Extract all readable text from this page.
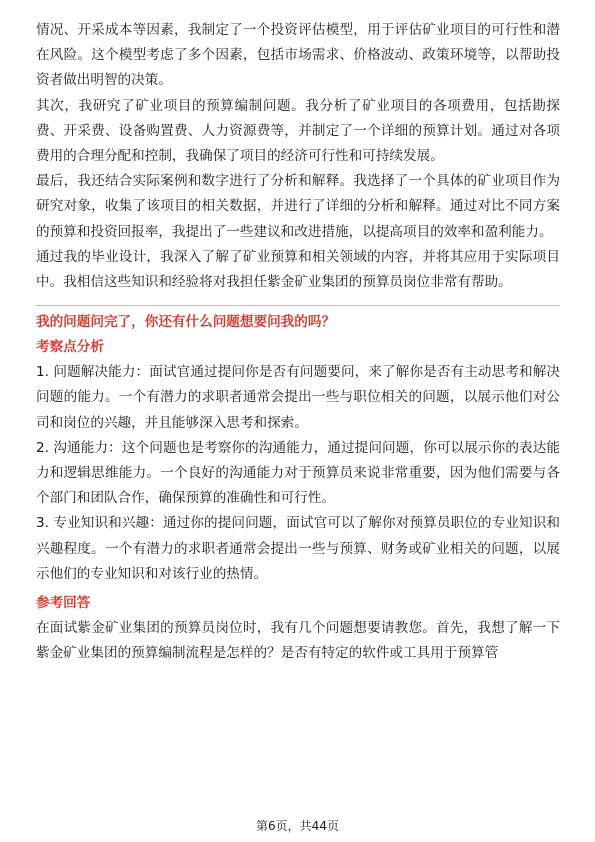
情况、开采成本等因素，我制定了一个投资评估模型，用于评估矿业项目的可行性和潜在风险。这个模型考虑了多个因素，包括市场需求、价格波动、政策环境等，以帮助投资者做出明智的决策。

其次，我研究了矿业项目的预算编制问题。我分析了矿业项目的各项费用，包括勘探费、开采费、设备购置费、人力资源费等，并制定了一个详细的预算计划。通过对各项费用的合理分配和控制，我确保了项目的经济可行性和可持续发展。

最后，我还结合实际案例和数字进行了分析和解释。我选择了一个具体的矿业项目作为研究对象，收集了该项目的相关数据，并进行了详细的分析和解释。通过对比不同方案的预算和投资回报率，我提出了一些建议和改进措施，以提高项目的效率和盈利能力。

通过我的毕业设计，我深入了解了矿业预算和相关领域的内容，并将其应用于实际项目中。我相信这些知识和经验将对我担任紫金矿业集团的预算员岗位非常有帮助。

我的问题问完了，你还有什么问题想要问我的吗？

考察点分析

1. 问题解决能力：面试官通过提问你是否有问题要问，来了解你是否有主动思考和解决问题的能力。一个有潜力的求职者通常会提出一些与职位相关的问题，以展示他们对公司和岗位的兴趣，并且能够深入思考和探索。

2. 沟通能力：这个问题也是考察你的沟通能力，通过提问问题，你可以展示你的表达能力和逻辑思维能力。一个良好的沟通能力对于预算员来说非常重要，因为他们需要与各个部门和团队合作，确保预算的准确性和可行性。

3. 专业知识和兴趣：通过你的提问问题，面试官可以了解你对预算员职位的专业知识和兴趣程度。一个有潜力的求职者通常会提出一些与预算、财务或矿业相关的问题，以展示他们的专业知识和对该行业的热情。

参考回答

在面试紫金矿业集团的预算员岗位时，我有几个问题想要请教您。首先，我想了解一下紫金矿业集团的预算编制流程是怎样的？是否有特定的软件或工具用于预算管

第6页，共44页
